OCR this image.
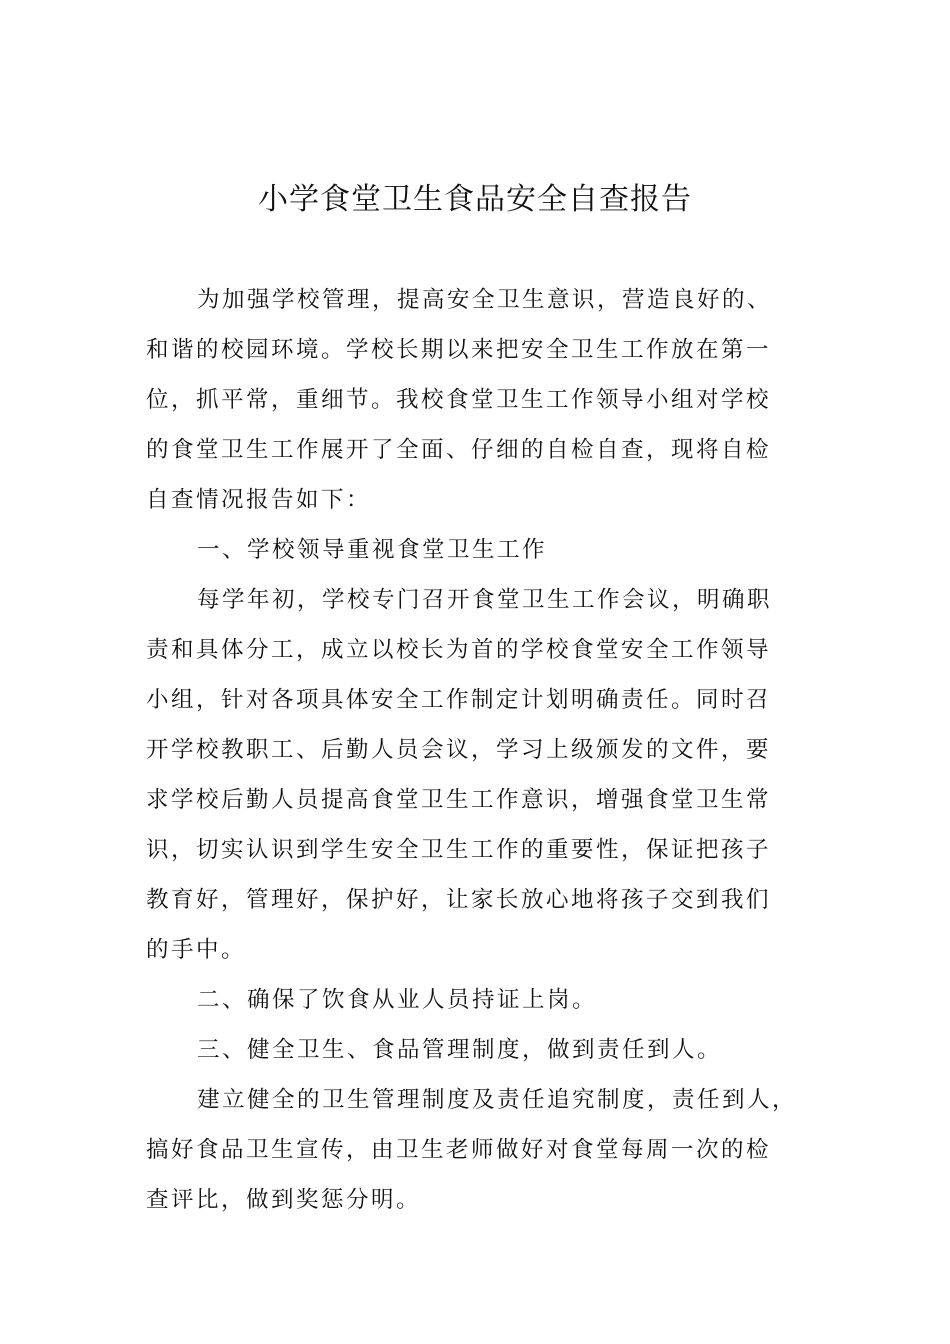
小学食堂卫生食品安全自查报告
为加强学校管理，提高安全卫生意识，营造良好的、
和谐的校园环境。学校长期以来把安全卫生工作放在第一
位，抓平常，重细节。我校食堂卫生工作领导小组对学校
的食堂卫生工作展开了全面、仔细的自检自查，现将自检
自查情况报告如下：
一、学校领导重视食堂卫生工作
每学年初，学校专门召开食堂卫生工作会议，明确职
责和具体分工，成立以校长为首的学校食堂安全工作领导
小组，针对各项具体安全工作制定计划明确责任。同时召
开学校教职工、后勤人员会议，学习上级颁发的文件，要
求学校后勤人员提高食堂卫生工作意识，增强食堂卫生常
识，切实认识到学生安全卫生工作的重要性，保证把孩子
教育好，管理好，保护好，让家长放心地将孩子交到我们
的手中。
二、确保了饮食从业人员持证上岗。
三、健全卫生、食品管理制度，做到责任到人。
建立健全的卫生管理制度及责任追究制度，责任到人，
搞好食品卫生宣传，由卫生老师做好对食堂每周一次的检
查评比，做到奖惩分明。
